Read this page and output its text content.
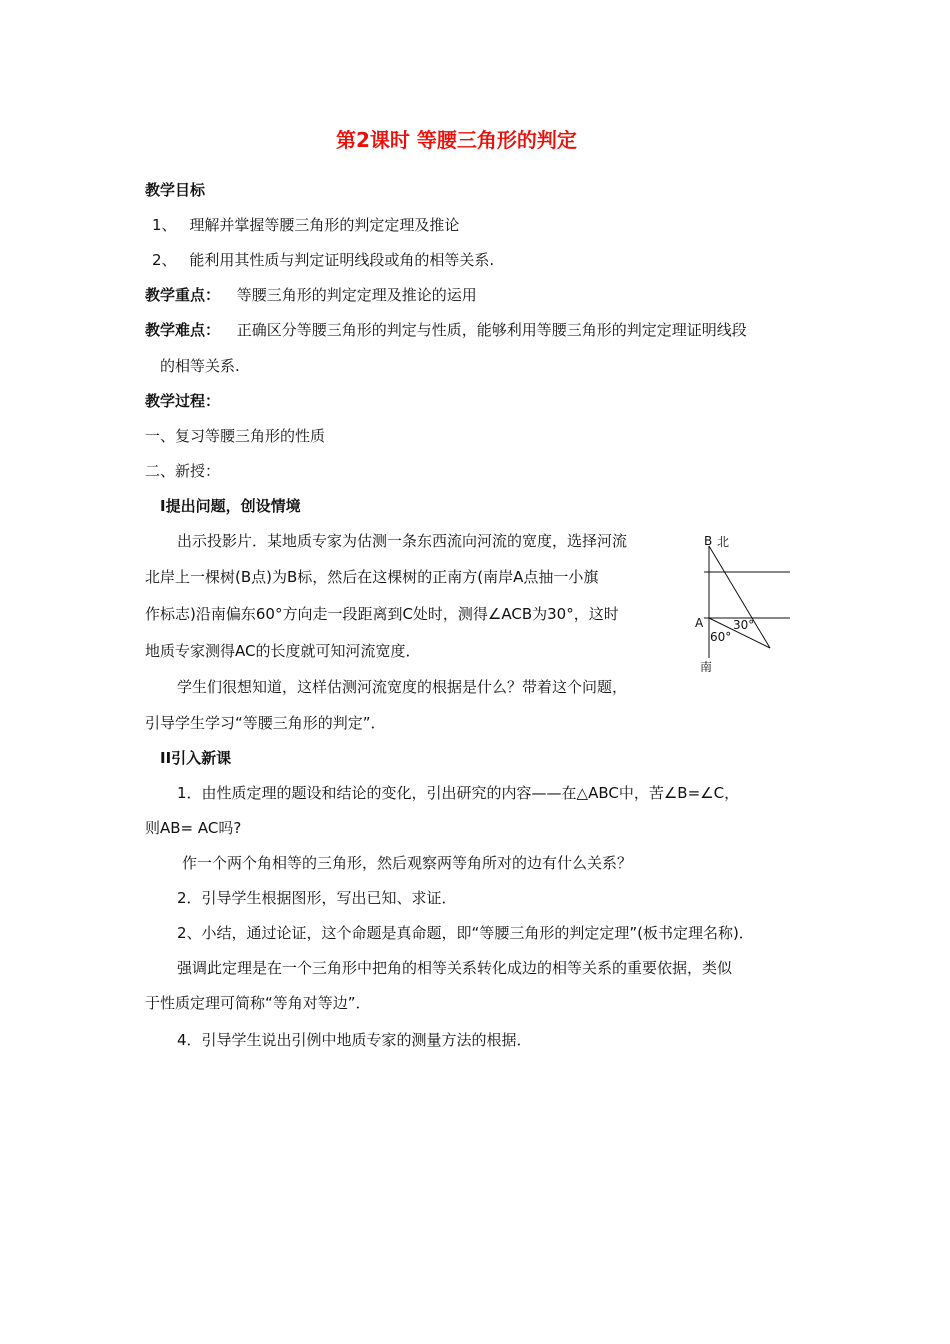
第2课时 等腰三角形的判定
教学目标
1、 理解并掌握等腰三角形的判定定理及推论
2、 能利用其性质与判定证明线段或角的相等关系.
教学重点： 等腰三角形的判定定理及推论的运用
教学难点： 正确区分等腰三角形的判定与性质，能够利用等腰三角形的判定定理证明线段
的相等关系.
教学过程：
一、复习等腰三角形的性质
二、新授：
I提出问题，创设情境
出示投影片．某地质专家为估测一条东西流向河流的宽度，选择河流
北岸上一棵树(B点)为B标，然后在这棵树的正南方(南岸A点抽一小旗
作标志)沿南偏东60°方向走一段距离到C处时，测得∠ACB为30°，这时
地质专家测得AC的长度就可知河流宽度．
学生们很想知道，这样估测河流宽度的根据是什么？带着这个问题，
引导学生学习“等腰三角形的判定”．
B 北
A
60°
30°
南
II引入新课
1．由性质定理的题设和结论的变化，引出研究的内容——在△ABC中，苦∠B=∠C，
则AB= AC吗?
作一个两个角相等的三角形，然后观察两等角所对的边有什么关系？
2．引导学生根据图形，写出已知、求证．
2、小结，通过论证，这个命题是真命题，即“等腰三角形的判定定理”(板书定理名称)．
强调此定理是在一个三角形中把角的相等关系转化成边的相等关系的重要依据，类似
于性质定理可简称“等角对等边”．
4．引导学生说出引例中地质专家的测量方法的根据．
